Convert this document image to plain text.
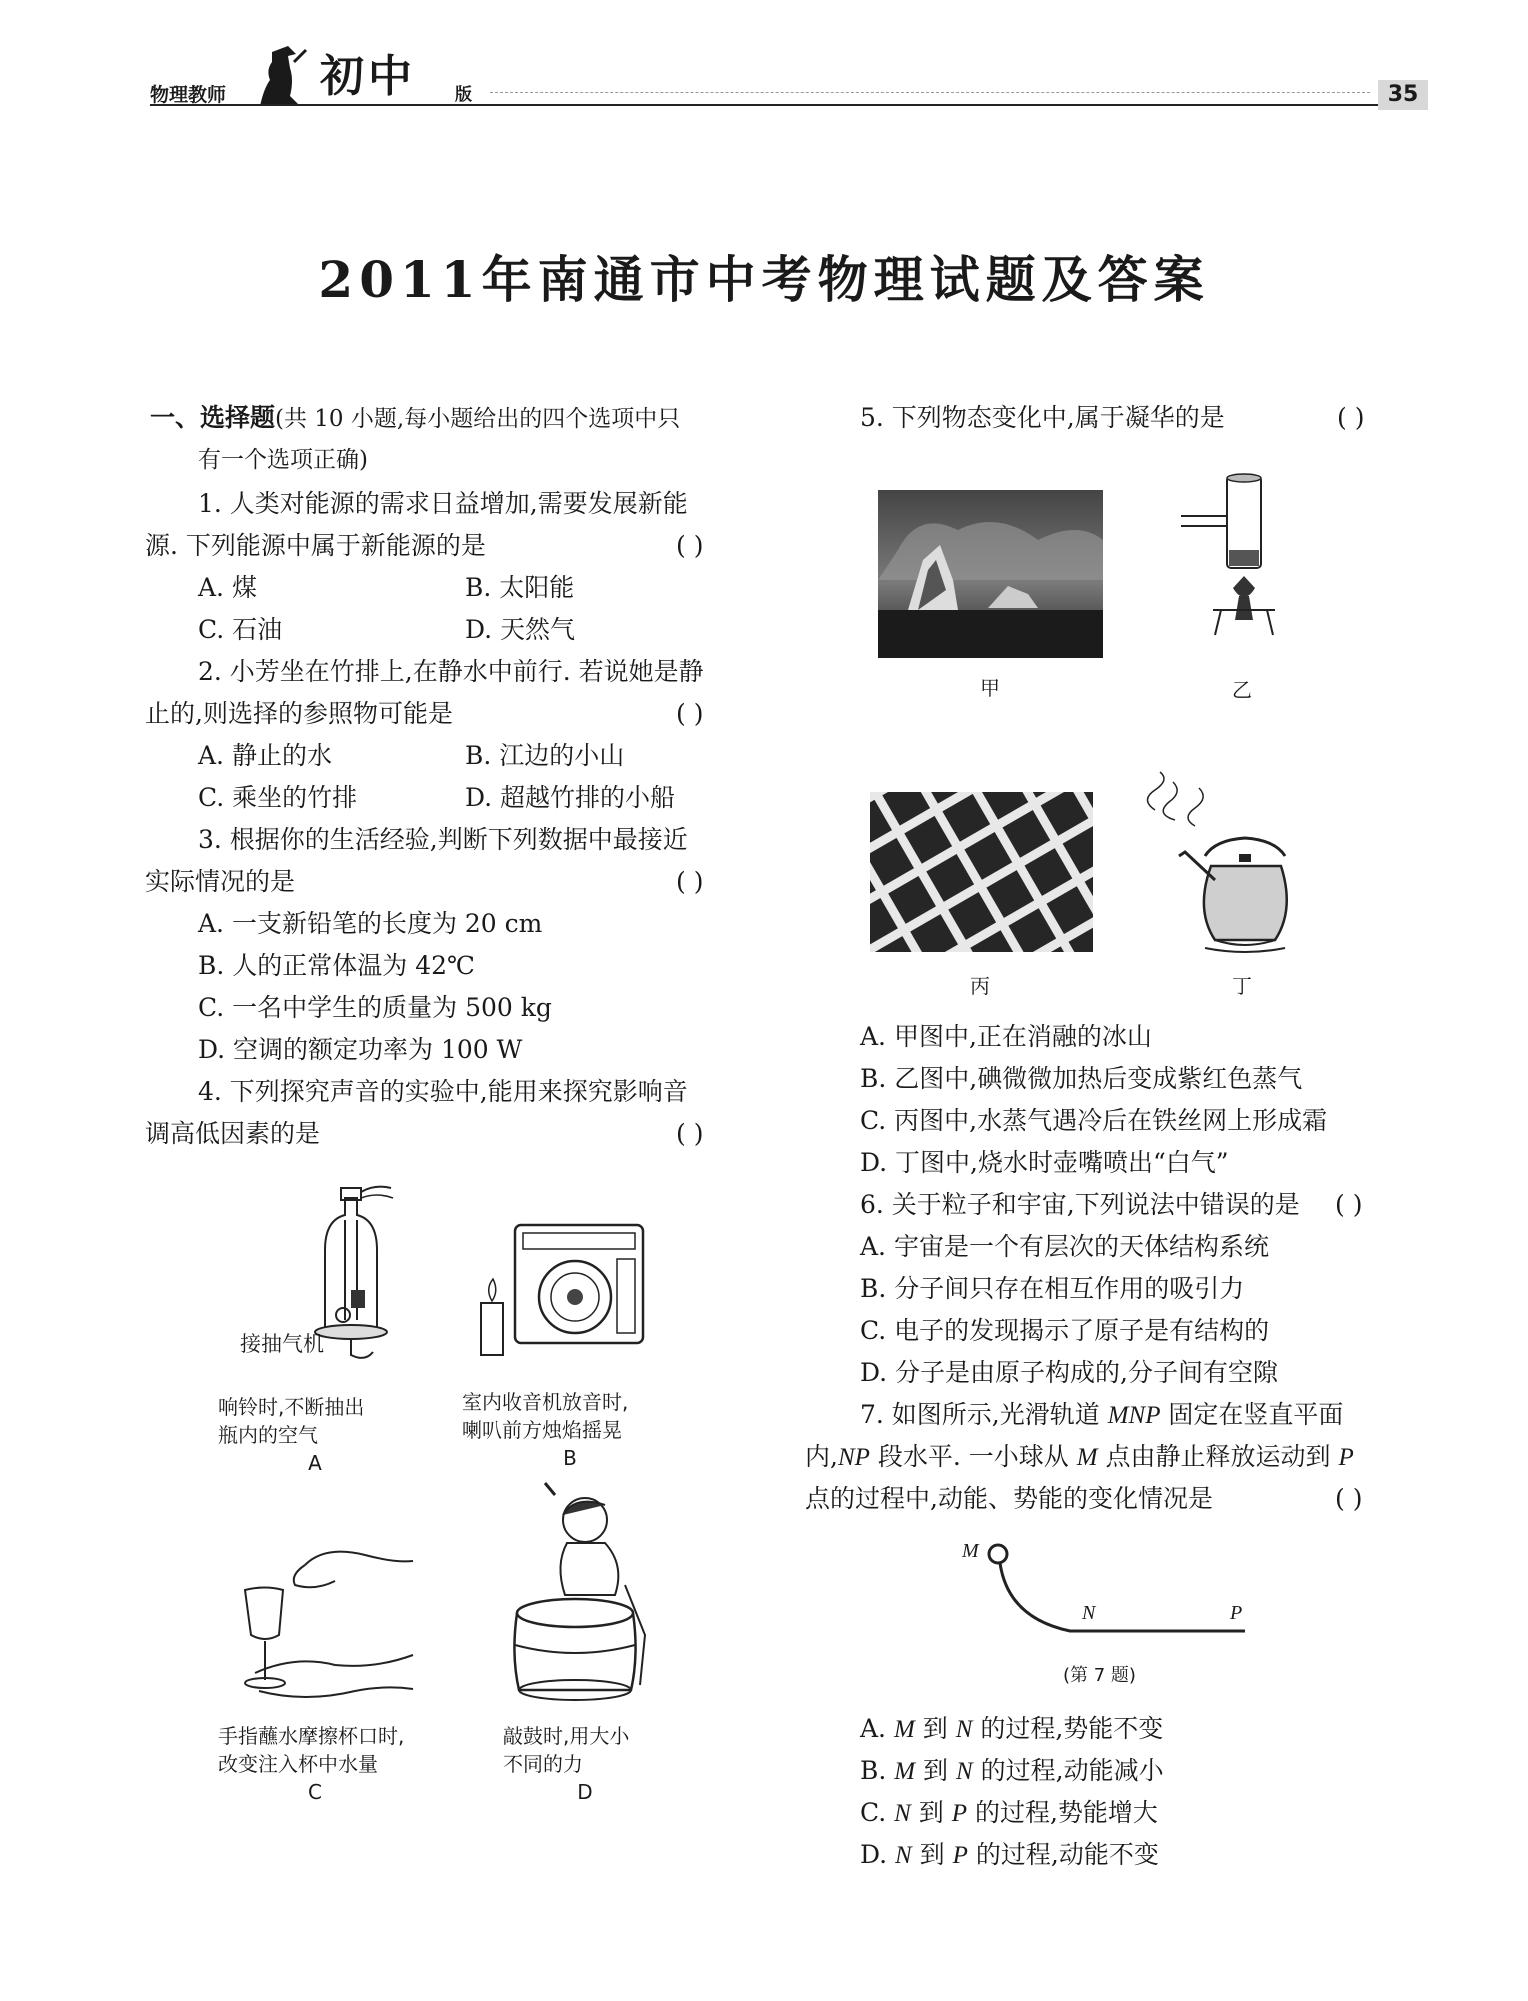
物理教师 初中 版	35
2011年南通市中考物理试题及答案
一、选择题(共 10 小题,每小题给出的四个选项中只
有一个选项正确)
1. 人类对能源的需求日益增加,需要发展新能
源. 下列能源中属于新能源的是	( )
A. 煤	B. 太阳能
C. 石油	D. 天然气
2. 小芳坐在竹排上,在静水中前行. 若说她是静
止的,则选择的参照物可能是	( )
A. 静止的水	B. 江边的小山
C. 乘坐的竹排	D. 超越竹排的小船
3. 根据你的生活经验,判断下列数据中最接近
实际情况的是	( )
A. 一支新铅笔的长度为 20 cm
B. 人的正常体温为 42℃
C. 一名中学生的质量为 500 kg
D. 空调的额定功率为 100 W
4. 下列探究声音的实验中,能用来探究影响音
调高低因素的是	( )
接抽气机
响铃时,不断抽出
瓶内的空气
A
室内收音机放音时,
喇叭前方烛焰摇晃
B
手指蘸水摩擦杯口时,
改变注入杯中水量
C
敲鼓时,用大小
不同的力
D
5. 下列物态变化中,属于凝华的是	( )
甲	乙
丙	丁
A. 甲图中,正在消融的冰山
B. 乙图中,碘微微加热后变成紫红色蒸气
C. 丙图中,水蒸气遇冷后在铁丝网上形成霜
D. 丁图中,烧水时壶嘴喷出“白气”
6. 关于粒子和宇宙,下列说法中错误的是 ( )
A. 宇宙是一个有层次的天体结构系统
B. 分子间只存在相互作用的吸引力
C. 电子的发现揭示了原子是有结构的
D. 分子是由原子构成的,分子间有空隙
7. 如图所示,光滑轨道 MNP 固定在竖直平面
内,NP 段水平. 一小球从 M 点由静止释放运动到 P
点的过程中,动能、势能的变化情况是	( )
M
N	P
(第 7 题)
A. M 到 N 的过程,势能不变
B. M 到 N 的过程,动能减小
C. N 到 P 的过程,势能增大
D. N 到 P 的过程,动能不变
